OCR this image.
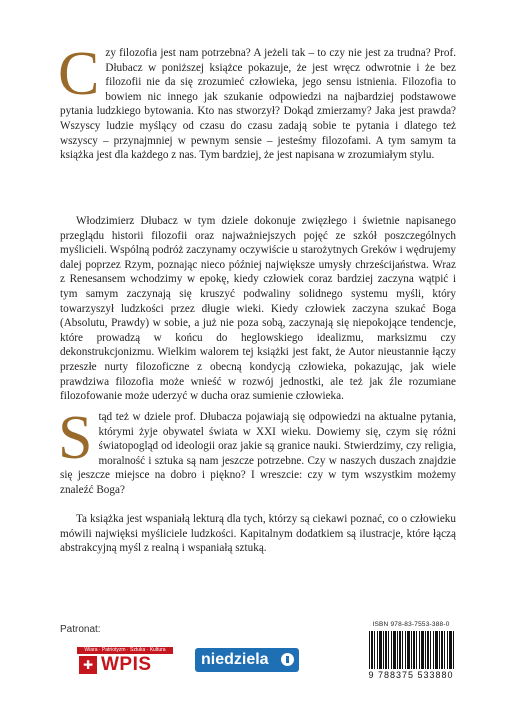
C zy filozofia jest nam potrzebna? A jeżeli tak – to czy nie jest za trudna? Prof. Dłubacz w poniższej książce pokazuje, że jest wręcz odwrotnie i że bez filozofii nie da się zrozumieć człowieka, jego sensu istnienia. Filozofia to bowiem nic innego jak szukanie odpowiedzi na najbardziej podstawowe pytania ludzkiego bytowania. Kto nas stworzył? Dokąd zmierzamy? Jaka jest prawda? Wszyscy ludzie myślący od czasu do czasu zadają sobie te pytania i dlatego też wszyscy – przynajmniej w pewnym sensie – jesteśmy filozofami. A tym samym ta książka jest dla każdego z nas. Tym bardziej, że jest napisana w zrozumiałym stylu.

Włodzimierz Dłubacz w tym dziele dokonuje zwięzłego i świetnie napisanego przeglądu historii filozofii oraz najważniejszych pojęć ze szkół poszczególnych myślicieli. Wspólną podróż zaczynamy oczywiście u starożytnych Greków i wędrujemy dalej poprzez Rzym, poznając nieco później największe umysły chrześcijaństwa. Wraz z Renesansem wchodzimy w epokę, kiedy człowiek coraz bardziej zaczyna wątpić i tym samym zaczynają się kruszyć podwaliny solidnego systemu myśli, który towarzyszył ludzkości przez długie wieki. Kiedy człowiek zaczyna szukać Boga (Absolutu, Prawdy) w sobie, a już nie poza sobą, zaczynają się niepokojące tendencje, które prowadzą w końcu do heglowskiego idealizmu, marksizmu czy dekonstrukcjonizmu. Wielkim walorem tej książki jest fakt, że Autor nieustannie łączy przeszłe nurty filozoficzne z obecną kondycją człowieka, pokazując, jak wiele prawdziwa filozofia może wnieść w rozwój jednostki, ale też jak źle rozumiane filozofowanie może uderzyć w ducha oraz sumienie człowieka.

S tąd też w dziele prof. Dłubacza pojawiają się odpowiedzi na aktualne pytania, którymi żyje obywatel świata w XXI wieku. Dowiemy się, czym się różni światopogląd od ideologii oraz jakie są granice nauki. Stwierdzimy, czy religia, moralność i sztuka są nam jeszcze potrzebne. Czy w naszych duszach znajdzie się jeszcze miejsce na dobro i piękno? I wreszcie: czy w tym wszystkim możemy znaleźć Boga?

Ta książka jest wspaniałą lekturą dla tych, którzy są ciekawi poznać, co o człowieku mówili najwięksi myśliciele ludzkości. Kapitalnym dodatkiem są ilustracje, które łączą abstrakcyjną myśl z realną i wspaniałą sztuką.

Patronat:
Wiara · Patriotyzm · Sztuka · Kultura
✚ WPIS	niedziela
ISBN 978-83-7553-388-0
9 788375 533880
